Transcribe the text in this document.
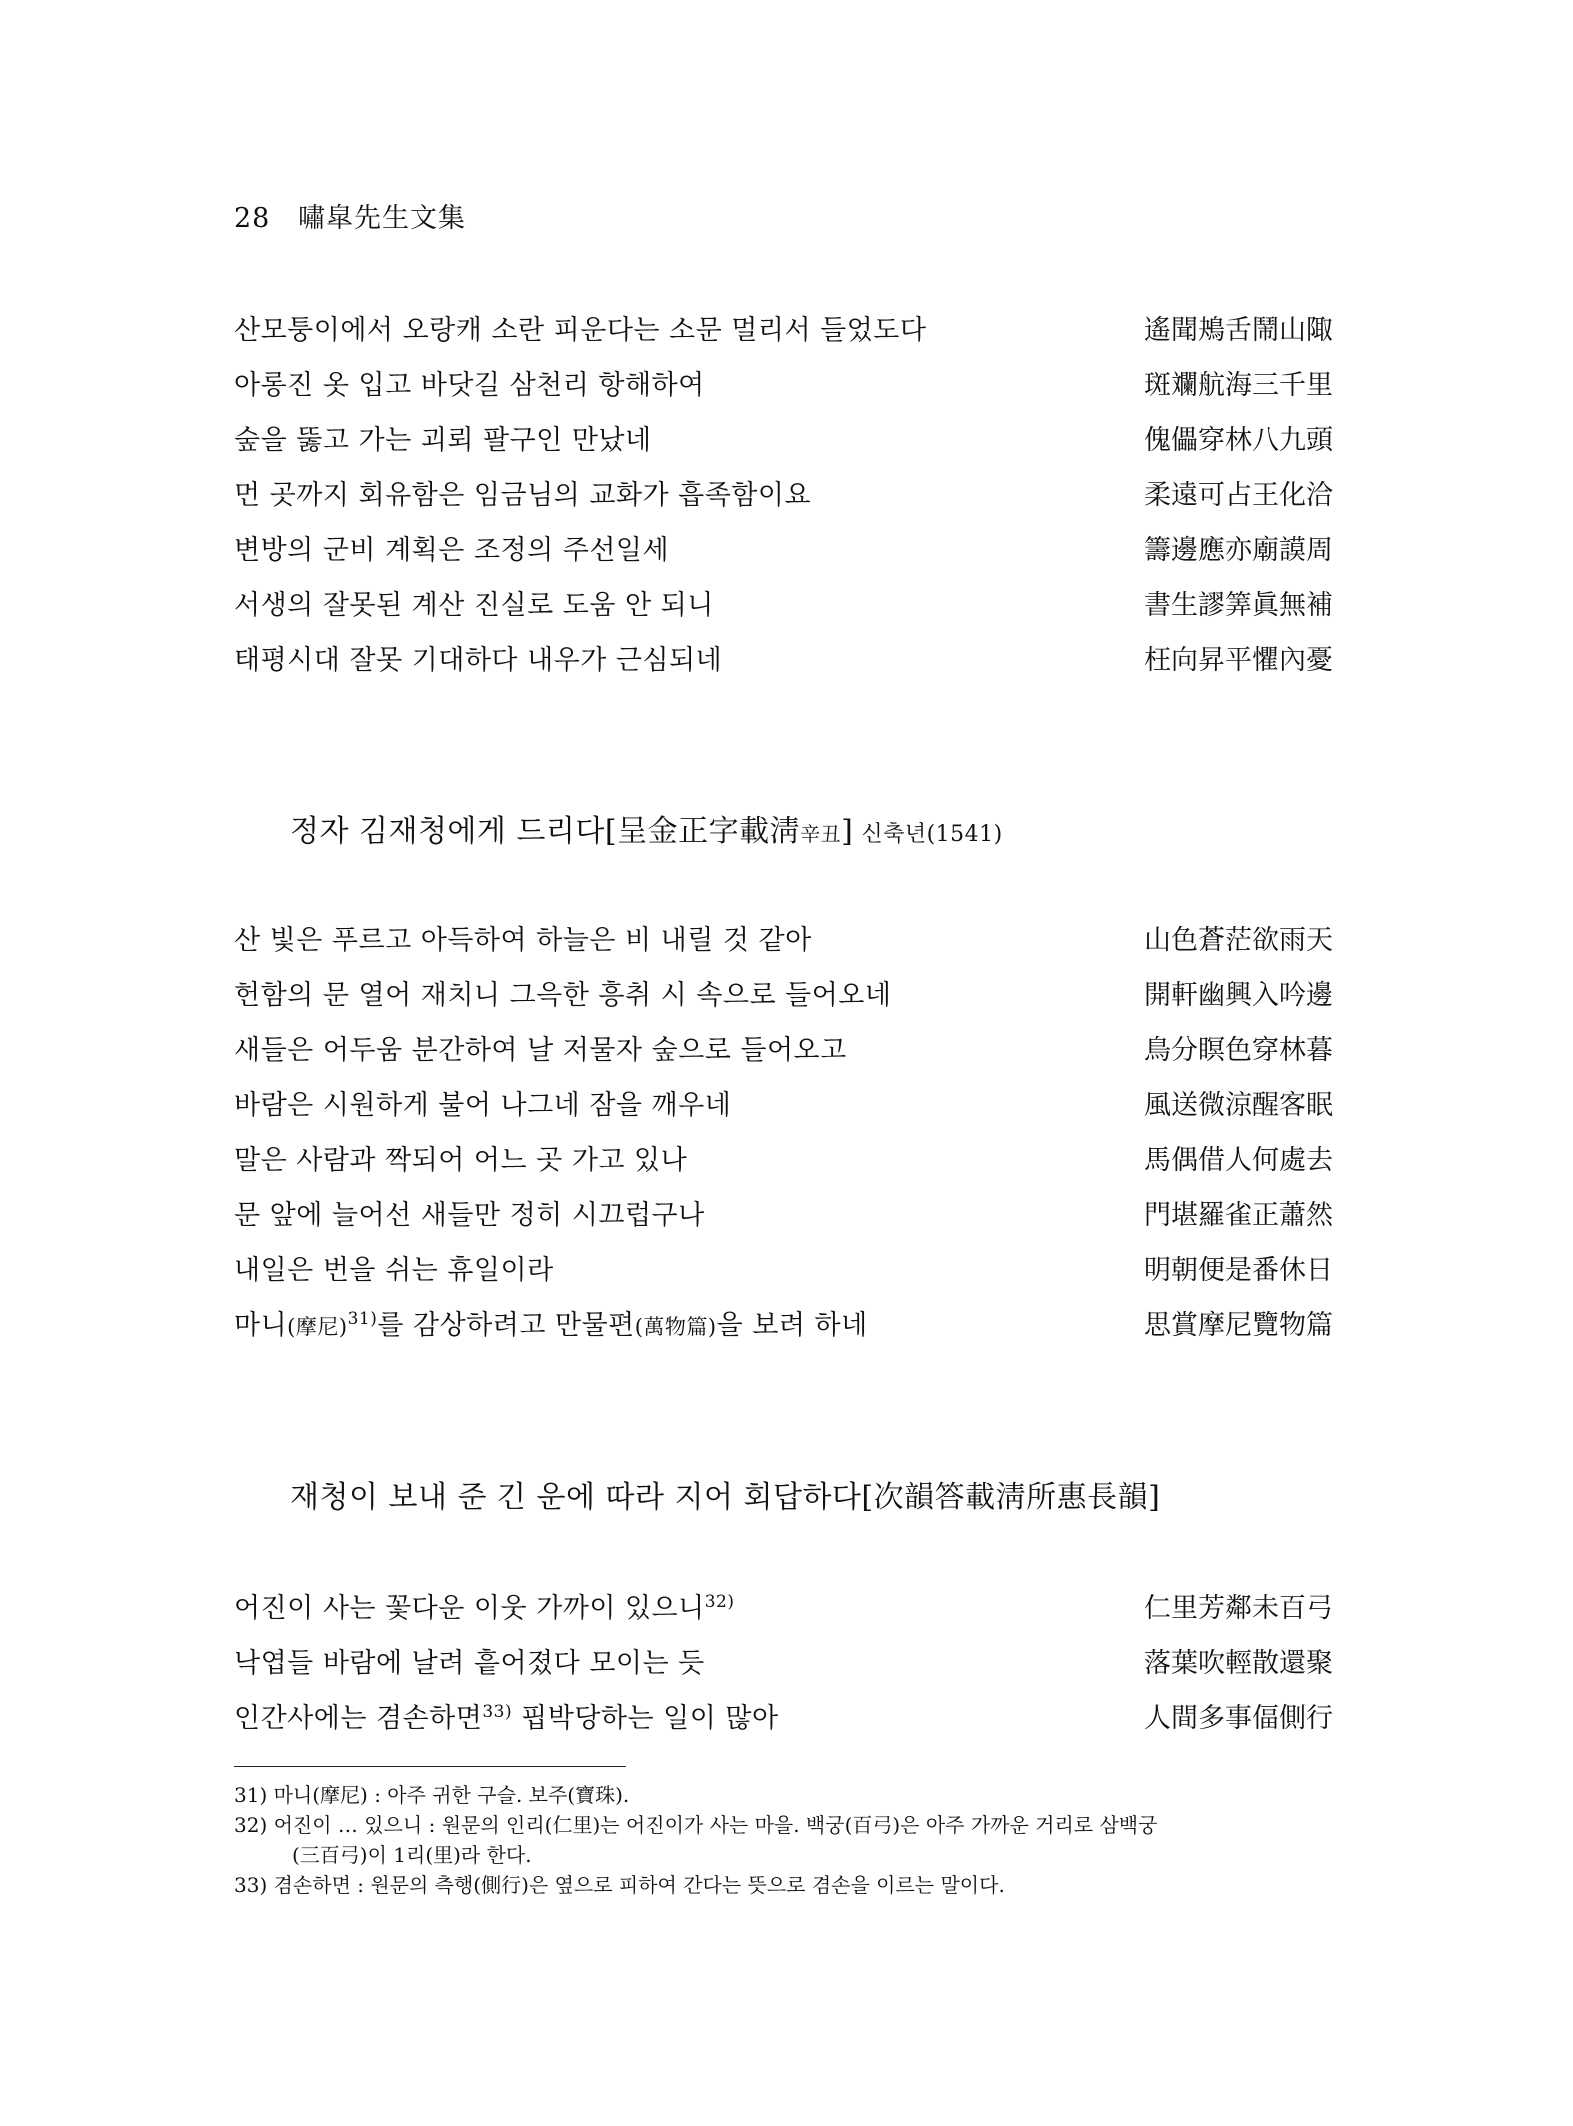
28 嘯皐先生文集
산모퉁이에서 오랑캐 소란 피운다는 소문 멀리서 들었도다	遙聞鴂舌鬧山陬
아롱진 옷 입고 바닷길 삼천리 항해하여	斑斕航海三千里
숲을 뚫고 가는 괴뢰 팔구인 만났네	傀儡穿林八九頭
먼 곳까지 회유함은 임금님의 교화가 흡족함이요	柔遠可占王化洽
변방의 군비 계획은 조정의 주선일세	籌邊應亦廟謨周
서생의 잘못된 계산 진실로 도움 안 되니	書生謬筭眞無補
태평시대 잘못 기대하다 내우가 근심되네	枉向昇平懼內憂
정자 김재청에게 드리다[呈金正字載淸辛丑] 신축년(1541)
산 빛은 푸르고 아득하여 하늘은 비 내릴 것 같아	山色蒼茫欲雨天
헌함의 문 열어 재치니 그윽한 흥취 시 속으로 들어오네	開軒幽興入吟邊
새들은 어두움 분간하여 날 저물자 숲으로 들어오고	鳥分瞑色穿林暮
바람은 시원하게 불어 나그네 잠을 깨우네	風送微涼醒客眠
말은 사람과 짝되어 어느 곳 가고 있나	馬偶借人何處去
문 앞에 늘어선 새들만 정히 시끄럽구나	門堪羅雀正蕭然
내일은 번을 쉬는 휴일이라	明朝便是番休日
마니(摩尼)$^{31)}$를 감상하려고 만물편(萬物篇)을 보려 하네	思賞摩尼覽物篇
재청이 보내 준 긴 운에 따라 지어 회답하다[次韻答載淸所惠長韻]
어진이 사는 꽃다운 이웃 가까이 있으니$^{32)}$	仁里芳鄰未百弓
낙엽들 바람에 날려 흩어졌다 모이는 듯	落葉吹輕散還聚
인간사에는 겸손하면$^{33)}$ 핍박당하는 일이 많아	人間多事偪側行
31) 마니(摩尼) : 아주 귀한 구슬. 보주(寶珠).
32) 어진이 … 있으니 : 원문의 인리(仁里)는 어진이가 사는 마을. 백궁(百弓)은 아주 가까운 거리로 삼백궁
(三百弓)이 1리(里)라 한다.
33) 겸손하면 : 원문의 측행(側行)은 옆으로 피하여 간다는 뜻으로 겸손을 이르는 말이다.
